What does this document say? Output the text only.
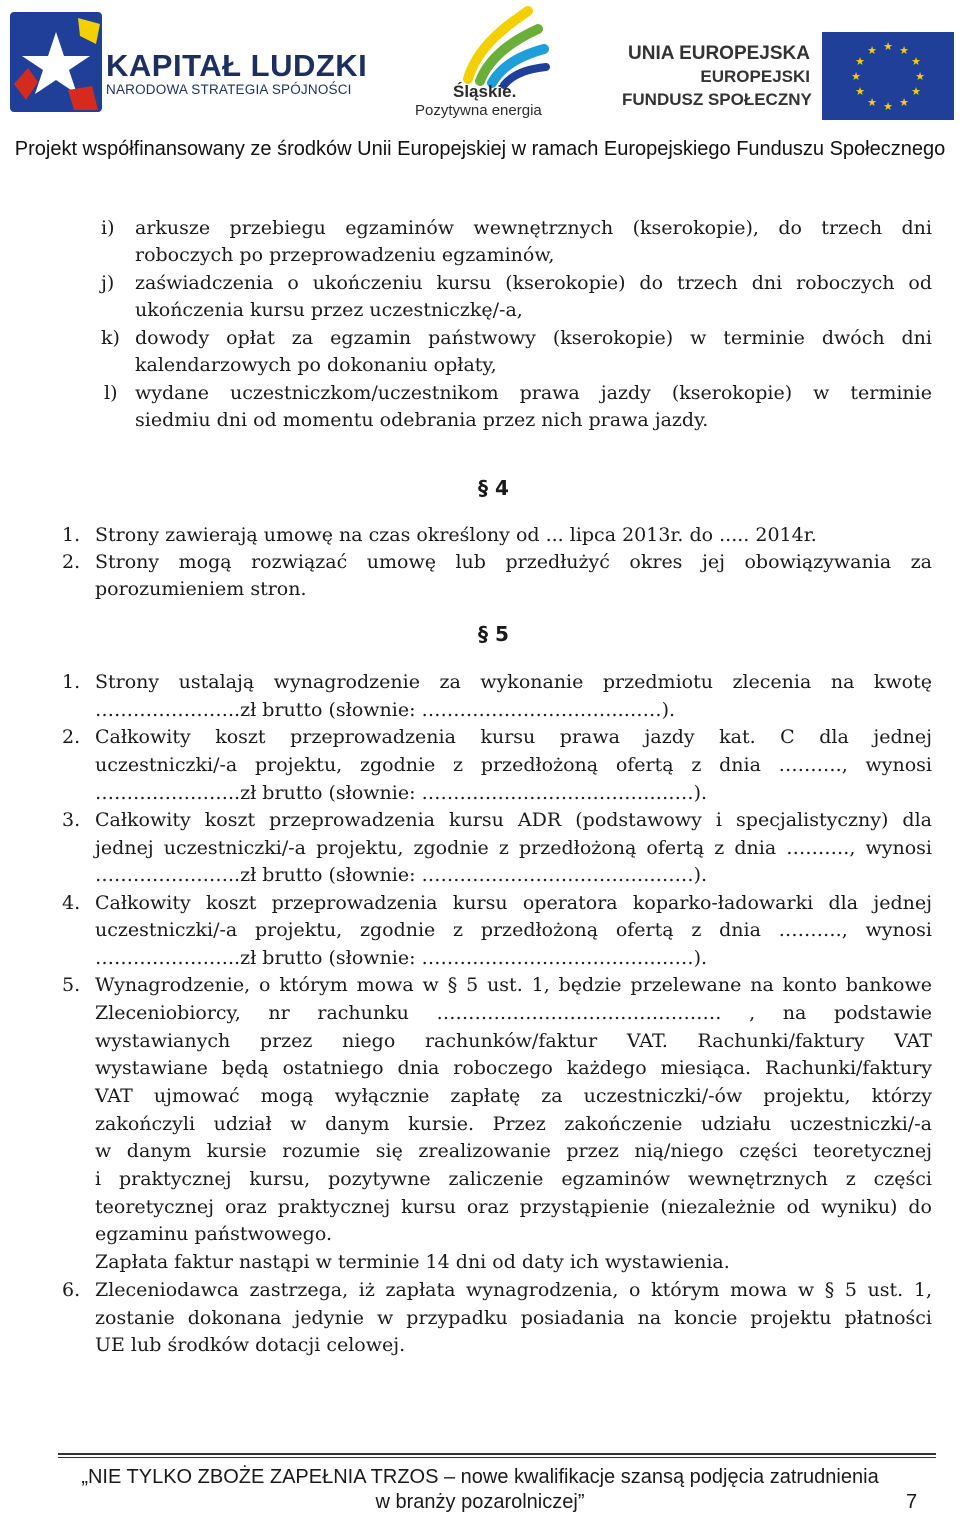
KAPITAŁ LUDZKI
NARODOWA STRATEGIA SPÓJNOŚCI	Śląskie.
Pozytywna energia
UNIA EUROPEJSKA
EUROPEJSKI
FUNDUSZ SPOŁECZNY
★ ★
★
★
★
★
★
★
★
★
★
★
Projekt współfinansowany ze środków Unii Europejskiej w ramach Europejskiego Funduszu Społecznego
i) arkusze przebiegu egzaminów wewnętrznych (kserokopie), do trzech dni
roboczych po przeprowadzeniu egzaminów,
j) zaświadczenia o ukończeniu kursu (kserokopie) do trzech dni roboczych od
ukończenia kursu przez uczestniczkę/-a,
k) dowody opłat za egzamin państwowy (kserokopie) w terminie dwóch dni
kalendarzowych po dokonaniu opłaty,
l) wydane uczestniczkom/uczestnikom prawa jazdy (kserokopie) w terminie
siedmiu dni od momentu odebrania przez nich prawa jazdy.
§ 4
1. Strony zawierają umowę na czas określony od ... lipca 2013r. do ..... 2014r.
2. Strony mogą rozwiązać umowę lub przedłużyć okres jej obowiązywania za
porozumieniem stron.
§ 5
1. Strony ustalają wynagrodzenie za wykonanie przedmiotu zlecenia na kwotę
…………………..zł brutto (słownie: …………………………..……).
2. Całkowity koszt przeprowadzenia kursu prawa jazdy kat. C dla jednej
uczestniczki/-a projektu, zgodnie z przedłożoną ofertą z dnia ………., wynosi
…………………..zł brutto (słownie: ……………………………….……).
3. Całkowity koszt przeprowadzenia kursu ADR (podstawowy i specjalistyczny) dla
jednej uczestniczki/-a projektu, zgodnie z przedłożoną ofertą z dnia ………., wynosi
…………………..zł brutto (słownie: ……………………………….……).
4. Całkowity koszt przeprowadzenia kursu operatora koparko-ładowarki dla jednej
uczestniczki/-a projektu, zgodnie z przedłożoną ofertą z dnia ………., wynosi
…………………..zł brutto (słownie: ……………………………….……).
5. Wynagrodzenie, o którym mowa w § 5 ust. 1, będzie przelewane na konto bankowe
Zleceniobiorcy, nr rachunku ……………………………………… , na podstawie
wystawianych przez niego rachunków/faktur VAT. Rachunki/faktury VAT
wystawiane będą ostatniego dnia roboczego każdego miesiąca. Rachunki/faktury
VAT ujmować mogą wyłącznie zapłatę za uczestniczki/-ów projektu, którzy
zakończyli udział w danym kursie. Przez zakończenie udziału uczestniczki/-a
w danym kursie rozumie się zrealizowanie przez nią/niego części teoretycznej
i praktycznej kursu, pozytywne zaliczenie egzaminów wewnętrznych z części
teoretycznej oraz praktycznej kursu oraz przystąpienie (niezależnie od wyniku) do
egzaminu państwowego.
Zapłata faktur nastąpi w terminie 14 dni od daty ich wystawienia.
6. Zleceniodawca zastrzega, iż zapłata wynagrodzenia, o którym mowa w § 5 ust. 1,
zostanie dokonana jedynie w przypadku posiadania na koncie projektu płatności
UE lub środków dotacji celowej.
„NIE TYLKO ZBOŻE ZAPEŁNIA TRZOS – nowe kwalifikacje szansą podjęcia zatrudnienia
w branży pozarolniczej”	7
